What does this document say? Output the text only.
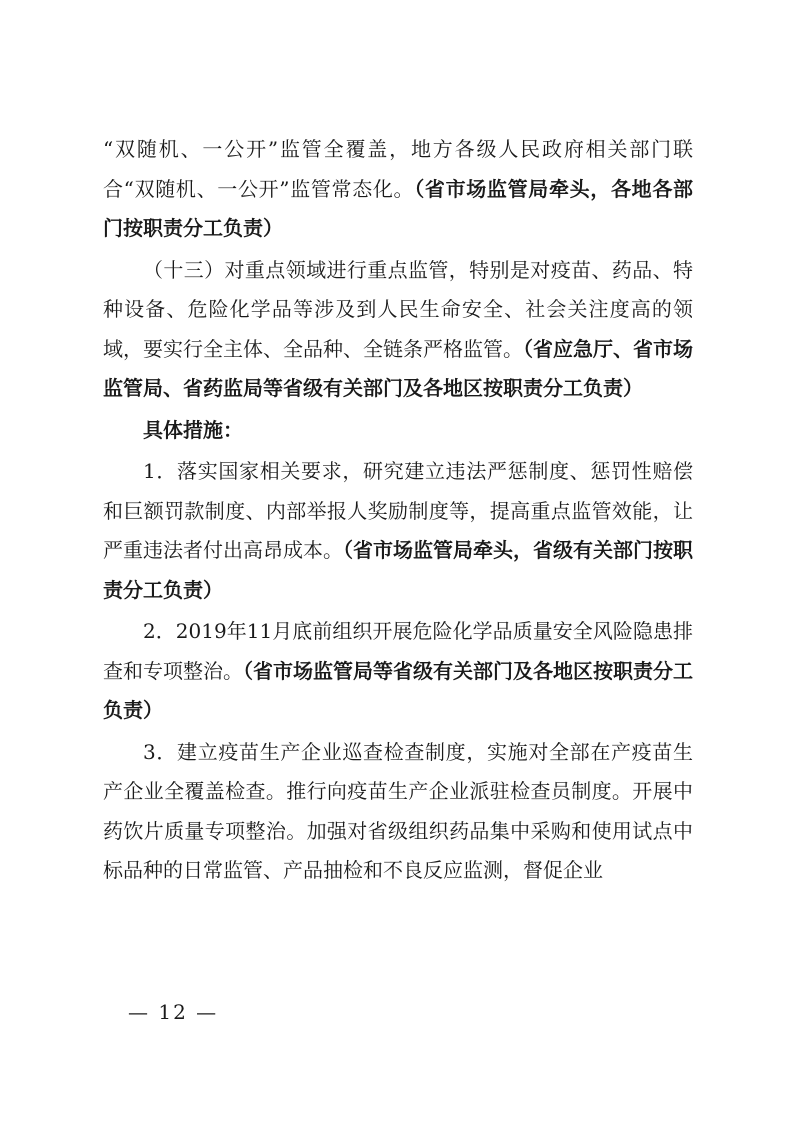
“双随机、一公开”监管全覆盖，地方各级人民政府相关部门联合“双随机、一公开”监管常态化。（省市场监管局牵头，各地各部门按职责分工负责）

（十三）对重点领域进行重点监管，特别是对疫苗、药品、特种设备、危险化学品等涉及到人民生命安全、社会关注度高的领域，要实行全主体、全品种、全链条严格监管。（省应急厅、省市场监管局、省药监局等省级有关部门及各地区按职责分工负责）

具体措施：

1．落实国家相关要求，研究建立违法严惩制度、惩罚性赔偿和巨额罚款制度、内部举报人奖励制度等，提高重点监管效能，让严重违法者付出高昂成本。（省市场监管局牵头，省级有关部门按职责分工负责）

2．2019年11月底前组织开展危险化学品质量安全风险隐患排查和专项整治。（省市场监管局等省级有关部门及各地区按职责分工负责）

3．建立疫苗生产企业巡查检查制度，实施对全部在产疫苗生产企业全覆盖检查。推行向疫苗生产企业派驻检查员制度。开展中药饮片质量专项整治。加强对省级组织药品集中采购和使用试点中标品种的日常监管、产品抽检和不良反应监测，督促企业

— 12 —
